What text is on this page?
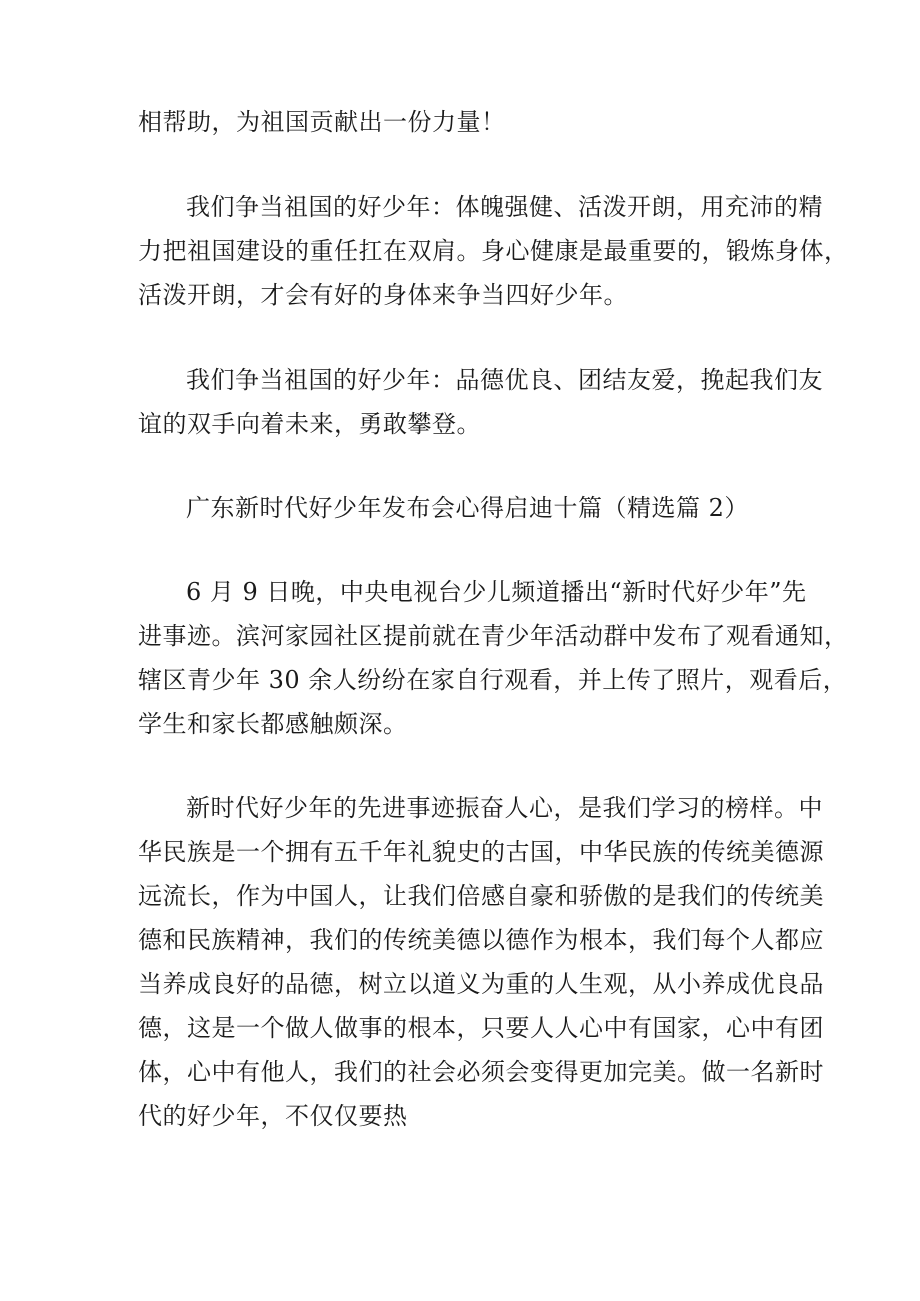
相帮助，为祖国贡献出一份力量！
我们争当祖国的好少年：体魄强健、活泼开朗，用充沛的精
力把祖国建设的重任扛在双肩。身心健康是最重要的，锻炼身体，
活泼开朗，才会有好的身体来争当四好少年。
我们争当祖国的好少年：品德优良、团结友爱，挽起我们友
谊的双手向着未来，勇敢攀登。
广东新时代好少年发布会心得启迪十篇（精选篇 2）
6 月 9 日晚，中央电视台少儿频道播出“新时代好少年”先
进事迹。滨河家园社区提前就在青少年活动群中发布了观看通知，
辖区青少年 30 余人纷纷在家自行观看，并上传了照片，观看后，
学生和家长都感触颇深。
新时代好少年的先进事迹振奋人心，是我们学习的榜样。中
华民族是一个拥有五千年礼貌史的古国，中华民族的传统美德源
远流长，作为中国人，让我们倍感自豪和骄傲的是我们的传统美
德和民族精神，我们的传统美德以德作为根本，我们每个人都应
当养成良好的品德，树立以道义为重的人生观，从小养成优良品
德，这是一个做人做事的根本，只要人人心中有国家，心中有团
体，心中有他人，我们的社会必须会变得更加完美。做一名新时
代的好少年，不仅仅要热
